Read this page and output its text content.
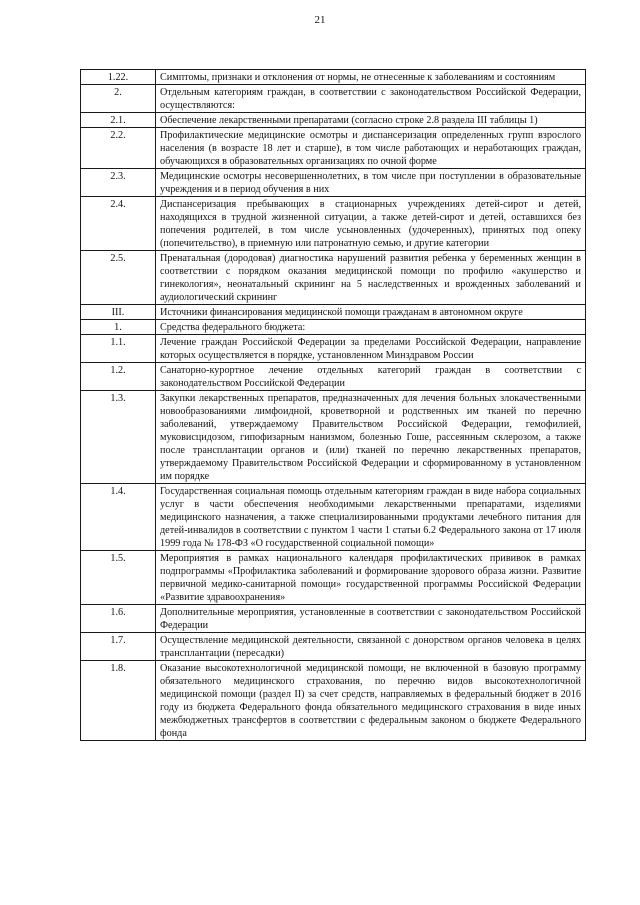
21
1.22.	Симптомы, признаки и отклонения от нормы, не отнесенные к заболеваниям и состояниям
2.	Отдельным категориям граждан, в соответствии с законодательством Российской Федерации, осуществляются:
2.1.	Обеспечение лекарственными препаратами (согласно строке 2.8 раздела III таблицы 1)
2.2.	Профилактические медицинские осмотры и диспансеризация определенных групп взрослого населения (в возрасте 18 лет и старше), в том числе работающих и неработающих граждан, обучающихся в образовательных организациях по очной форме
2.3.	Медицинские осмотры несовершеннолетних, в том числе при поступлении в образовательные учреждения и в период обучения в них
2.4.	Диспансеризация пребывающих в стационарных учреждениях детей-сирот и детей, находящихся в трудной жизненной ситуации, а также детей-сирот и детей, оставшихся без попечения родителей, в том числе усыновленных (удочеренных), принятых под опеку (попечительство), в приемную или патронатную семью, и другие категории
2.5.	Пренатальная (дородовая) диагностика нарушений развития ребенка у беременных женщин в соответствии с порядком оказания медицинской помощи по профилю «акушерство и гинекология», неонатальный скрининг на 5 наследственных и врожденных заболеваний и аудиологический скрининг
III.	Источники финансирования медицинской помощи гражданам в автономном округе
1.	Средства федерального бюджета:
1.1.	Лечение граждан Российской Федерации за пределами Российской Федерации, направление которых осуществляется в порядке, установленном Минздравом России
1.2.	Санаторно-курортное лечение отдельных категорий граждан в соответствии с законодательством Российской Федерации
1.3.	Закупки лекарственных препаратов, предназначенных для лечения больных злокачественными новообразованиями лимфоидной, кроветворной и родственных им тканей по перечню заболеваний, утверждаемому Правительством Российской Федерации, гемофилией, муковисцидозом, гипофизарным нанизмом, болезнью Гоше, рассеянным склерозом, а также после трансплантации органов и (или) тканей по перечню лекарственных препаратов, утверждаемому Правительством Российской Федерации и сформированному в установленном им порядке
1.4.	Государственная социальная помощь отдельным категориям граждан в виде набора социальных услуг в части обеспечения необходимыми лекарственными препаратами, изделиями медицинского назначения, а также специализированными продуктами лечебного питания для детей-инвалидов в соответствии с пунктом 1 части 1 статьи 6.2 Федерального закона от 17 июля 1999 года № 178-ФЗ «О государственной социальной помощи»
1.5.	Мероприятия в рамках национального календаря профилактических прививок в рамках подпрограммы «Профилактика заболеваний и формирование здорового образа жизни. Развитие первичной медико-санитарной помощи» государственной программы Российской Федерации «Развитие здравоохранения»
1.6.	Дополнительные мероприятия, установленные в соответствии с законодательством Российской Федерации
1.7.	Осуществление медицинской деятельности, связанной с донорством органов человека в целях трансплантации (пересадки)
1.8.	Оказание высокотехнологичной медицинской помощи, не включенной в базовую программу обязательного медицинского страхования, по перечню видов высокотехнологичной медицинской помощи (раздел II) за счет средств, направляемых в федеральный бюджет в 2016 году из бюджета Федерального фонда обязательного медицинского страхования в виде иных межбюджетных трансфертов в соответствии с федеральным законом о бюджете Федерального фонда
